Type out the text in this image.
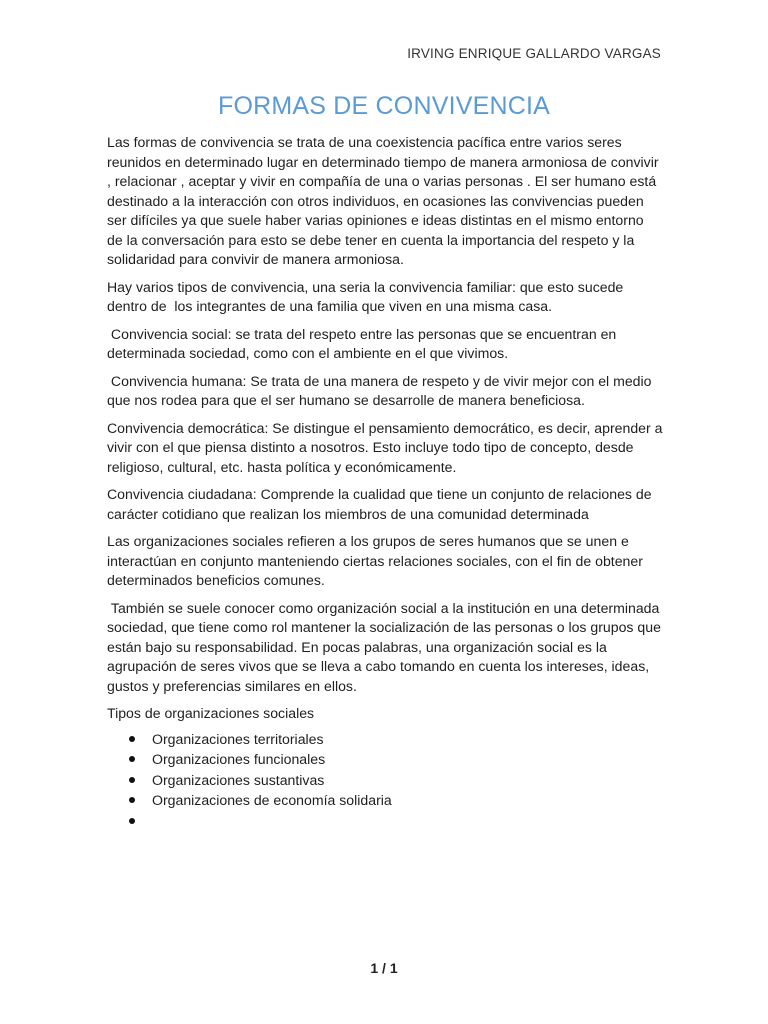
IRVING ENRIQUE GALLARDO VARGAS
FORMAS DE CONVIVENCIA

Las formas de convivencia se trata de una coexistencia pacífica entre varios seres reunidos en determinado lugar en determinado tiempo de manera armoniosa de convivir , relacionar , aceptar y vivir en compañía de una o varias personas . El ser humano está destinado a la interacción con otros individuos, en ocasiones las convivencias pueden ser difíciles ya que suele haber varias opiniones e ideas distintas en el mismo entorno de la conversación para esto se debe tener en cuenta la importancia del respeto y la solidaridad para convivir de manera armoniosa.

Hay varios tipos de convivencia, una seria la convivencia familiar: que esto sucede dentro de  los integrantes de una familia que viven en una misma casa.

Convivencia social: se trata del respeto entre las personas que se encuentran en determinada sociedad, como con el ambiente en el que vivimos.

Convivencia humana: Se trata de una manera de respeto y de vivir mejor con el medio que nos rodea para que el ser humano se desarrolle de manera beneficiosa.

Convivencia democrática: Se distingue el pensamiento democrático, es decir, aprender a vivir con el que piensa distinto a nosotros. Esto incluye todo tipo de concepto, desde religioso, cultural, etc. hasta política y económicamente.

Convivencia ciudadana: Comprende la cualidad que tiene un conjunto de relaciones de carácter cotidiano que realizan los miembros de una comunidad determinada

Las organizaciones sociales refieren a los grupos de seres humanos que se unen e interactúan en conjunto manteniendo ciertas relaciones sociales, con el fin de obtener determinados beneficios comunes.

También se suele conocer como organización social a la institución en una determinada sociedad, que tiene como rol mantener la socialización de las personas o los grupos que están bajo su responsabilidad. En pocas palabras, una organización social es la agrupación de seres vivos que se lleva a cabo tomando en cuenta los intereses, ideas, gustos y preferencias similares en ellos.

Tipos de organizaciones sociales

Organizaciones territoriales
Organizaciones funcionales
Organizaciones sustantivas
Organizaciones de economía solidaria
1 / 1
